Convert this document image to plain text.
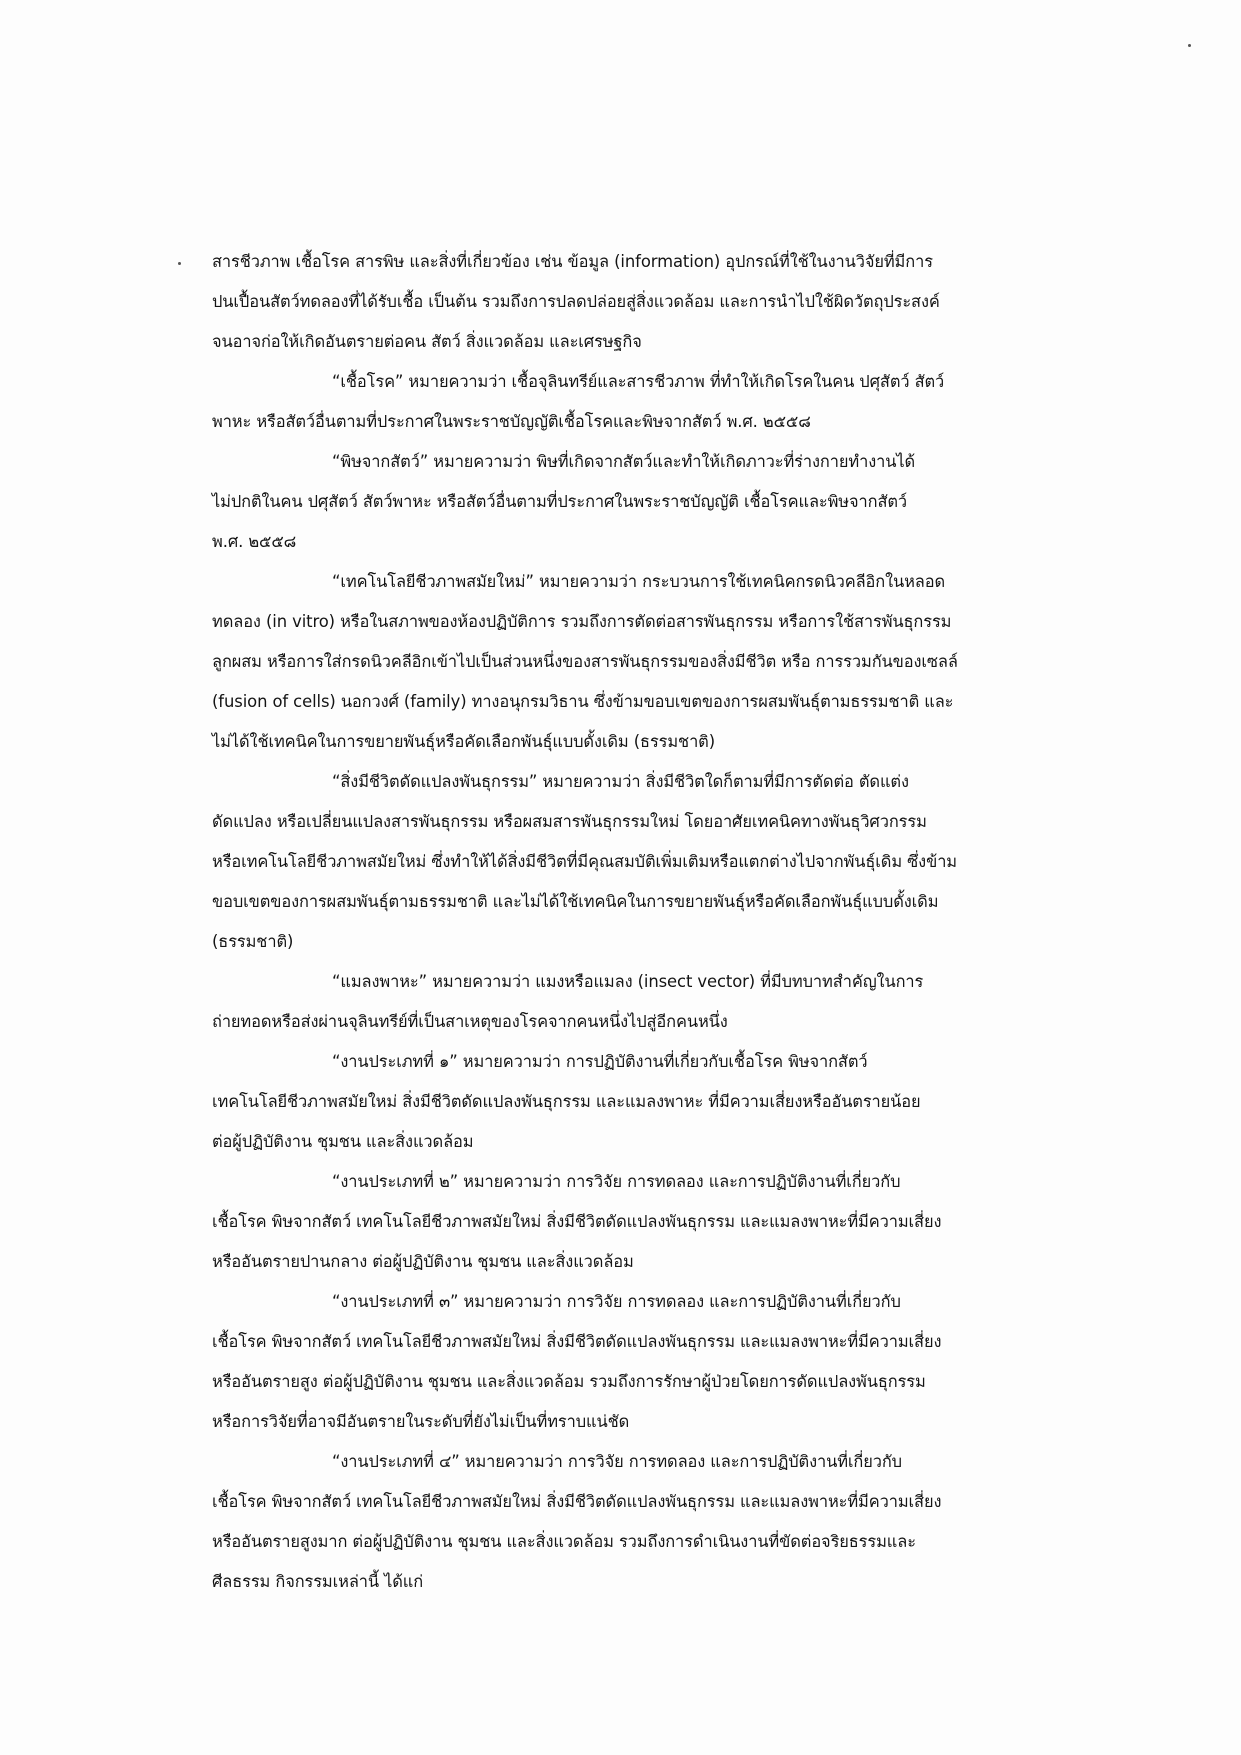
สารชีวภาพ เชื้อโรค สารพิษ และสิ่งที่เกี่ยวข้อง เช่น ข้อมูล (information) อุปกรณ์ที่ใช้ในงานวิจัยที่มีการ
ปนเปื้อนสัตว์ทดลองที่ได้รับเชื้อ เป็นต้น รวมถึงการปลดปล่อยสู่สิ่งแวดล้อม และการนำไปใช้ผิดวัตถุประสงค์
จนอาจก่อให้เกิดอันตรายต่อคน สัตว์ สิ่งแวดล้อม และเศรษฐกิจ
“เชื้อโรค” หมายความว่า เชื้อจุลินทรีย์และสารชีวภาพ ที่ทำให้เกิดโรคในคน ปศุสัตว์ สัตว์
พาหะ หรือสัตว์อื่นตามที่ประกาศในพระราชบัญญัติเชื้อโรคและพิษจากสัตว์ พ.ศ. ๒๕๕๘
“พิษจากสัตว์” หมายความว่า พิษที่เกิดจากสัตว์และทำให้เกิดภาวะที่ร่างกายทำงานได้
ไม่ปกติในคน ปศุสัตว์ สัตว์พาหะ หรือสัตว์อื่นตามที่ประกาศในพระราชบัญญัติ เชื้อโรคและพิษจากสัตว์
พ.ศ. ๒๕๕๘
“เทคโนโลยีชีวภาพสมัยใหม่” หมายความว่า กระบวนการใช้เทคนิคกรดนิวคลีอิกในหลอด
ทดลอง (in vitro) หรือในสภาพของห้องปฏิบัติการ รวมถึงการตัดต่อสารพันธุกรรม หรือการใช้สารพันธุกรรม
ลูกผสม หรือการใส่กรดนิวคลีอิกเข้าไปเป็นส่วนหนึ่งของสารพันธุกรรมของสิ่งมีชีวิต หรือ การรวมกันของเซลล์
(fusion of cells) นอกวงศ์ (family) ทางอนุกรมวิธาน ซึ่งข้ามขอบเขตของการผสมพันธุ์ตามธรรมชาติ และ
ไม่ได้ใช้เทคนิคในการขยายพันธุ์หรือคัดเลือกพันธุ์แบบดั้งเดิม (ธรรมชาติ)
“สิ่งมีชีวิตดัดแปลงพันธุกรรม” หมายความว่า สิ่งมีชีวิตใดก็ตามที่มีการตัดต่อ ตัดแต่ง
ดัดแปลง หรือเปลี่ยนแปลงสารพันธุกรรม หรือผสมสารพันธุกรรมใหม่ โดยอาศัยเทคนิคทางพันธุวิศวกรรม
หรือเทคโนโลยีชีวภาพสมัยใหม่ ซึ่งทำให้ได้สิ่งมีชีวิตที่มีคุณสมบัติเพิ่มเติมหรือแตกต่างไปจากพันธุ์เดิม ซึ่งข้าม
ขอบเขตของการผสมพันธุ์ตามธรรมชาติ และไม่ได้ใช้เทคนิคในการขยายพันธุ์หรือคัดเลือกพันธุ์แบบดั้งเดิม
(ธรรมชาติ)
“แมลงพาหะ” หมายความว่า แมงหรือแมลง (insect vector) ที่มีบทบาทสำคัญในการ
ถ่ายทอดหรือส่งผ่านจุลินทรีย์ที่เป็นสาเหตุของโรคจากคนหนึ่งไปสู่อีกคนหนึ่ง
“งานประเภทที่ ๑” หมายความว่า การปฏิบัติงานที่เกี่ยวกับเชื้อโรค พิษจากสัตว์
เทคโนโลยีชีวภาพสมัยใหม่ สิ่งมีชีวิตดัดแปลงพันธุกรรม และแมลงพาหะ ที่มีความเสี่ยงหรืออันตรายน้อย
ต่อผู้ปฏิบัติงาน ชุมชน และสิ่งแวดล้อม
“งานประเภทที่ ๒” หมายความว่า การวิจัย การทดลอง และการปฏิบัติงานที่เกี่ยวกับ
เชื้อโรค พิษจากสัตว์ เทคโนโลยีชีวภาพสมัยใหม่ สิ่งมีชีวิตดัดแปลงพันธุกรรม และแมลงพาหะที่มีความเสี่ยง
หรืออันตรายปานกลาง ต่อผู้ปฏิบัติงาน ชุมชน และสิ่งแวดล้อม
“งานประเภทที่ ๓” หมายความว่า การวิจัย การทดลอง และการปฏิบัติงานที่เกี่ยวกับ
เชื้อโรค พิษจากสัตว์ เทคโนโลยีชีวภาพสมัยใหม่ สิ่งมีชีวิตดัดแปลงพันธุกรรม และแมลงพาหะที่มีความเสี่ยง
หรืออันตรายสูง ต่อผู้ปฏิบัติงาน ชุมชน และสิ่งแวดล้อม รวมถึงการรักษาผู้ป่วยโดยการดัดแปลงพันธุกรรม
หรือการวิจัยที่อาจมีอันตรายในระดับที่ยังไม่เป็นที่ทราบแน่ชัด
“งานประเภทที่ ๔” หมายความว่า การวิจัย การทดลอง และการปฏิบัติงานที่เกี่ยวกับ
เชื้อโรค พิษจากสัตว์ เทคโนโลยีชีวภาพสมัยใหม่ สิ่งมีชีวิตดัดแปลงพันธุกรรม และแมลงพาหะที่มีความเสี่ยง
หรืออันตรายสูงมาก ต่อผู้ปฏิบัติงาน ชุมชน และสิ่งแวดล้อม รวมถึงการดำเนินงานที่ขัดต่อจริยธรรมและ
ศีลธรรม กิจกรรมเหล่านี้ ได้แก่
